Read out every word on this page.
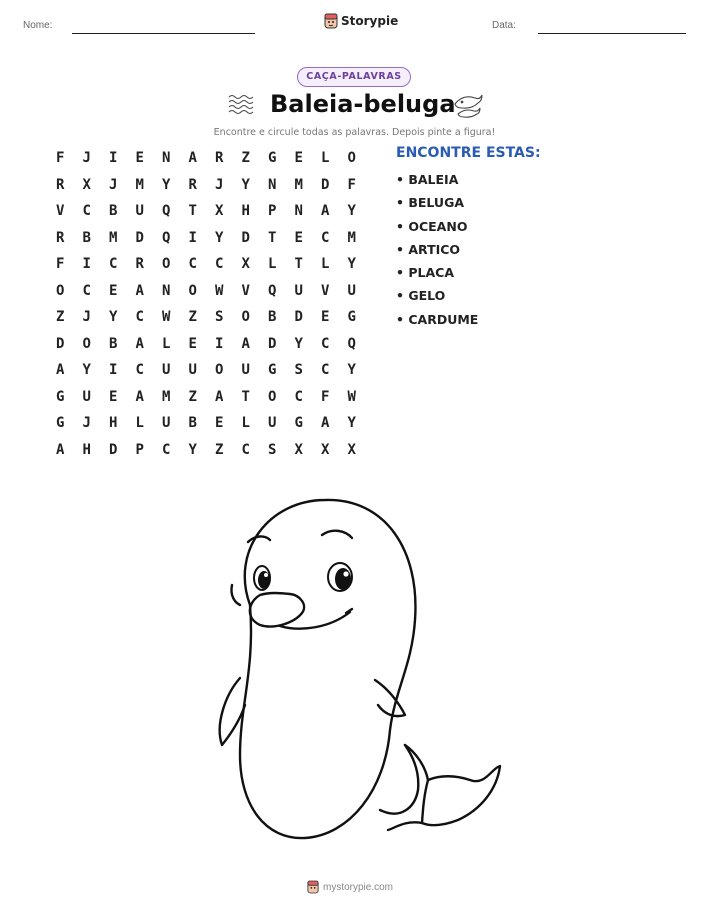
Nome:	Storypie	Data:
CAÇA-PALAVRAS
Baleia-beluga
Encontre e circule todas as palavras. Depois pinte a figura!
F	J	I	E	N	A	R	Z	G	E	L	O
R	X	J	M	Y	R	J	Y	N	M	D	F
V	C	B	U	Q	T	X	H	P	N	A	Y
R	B	M	D	Q	I	Y	D	T	E	C	M
F	I	C	R	O	C	C	X	L	T	L	Y
O	C	E	A	N	O	W	V	Q	U	V	U
Z	J	Y	C	W	Z	S	O	B	D	E	G
D	O	B	A	L	E	I	A	D	Y	C	Q
A	Y	I	C	U	U	O	U	G	S	C	Y
G	U	E	A	M	Z	A	T	O	C	F	W
G	J	H	L	U	B	E	L	U	G	A	Y
A	H	D	P	C	Y	Z	C	S	X	X	X
ENCONTRE ESTAS:
• BALEIA
• BELUGA
• OCEANO
• ARTICO
• PLACA
• GELO
• CARDUME
mystorypie.com
